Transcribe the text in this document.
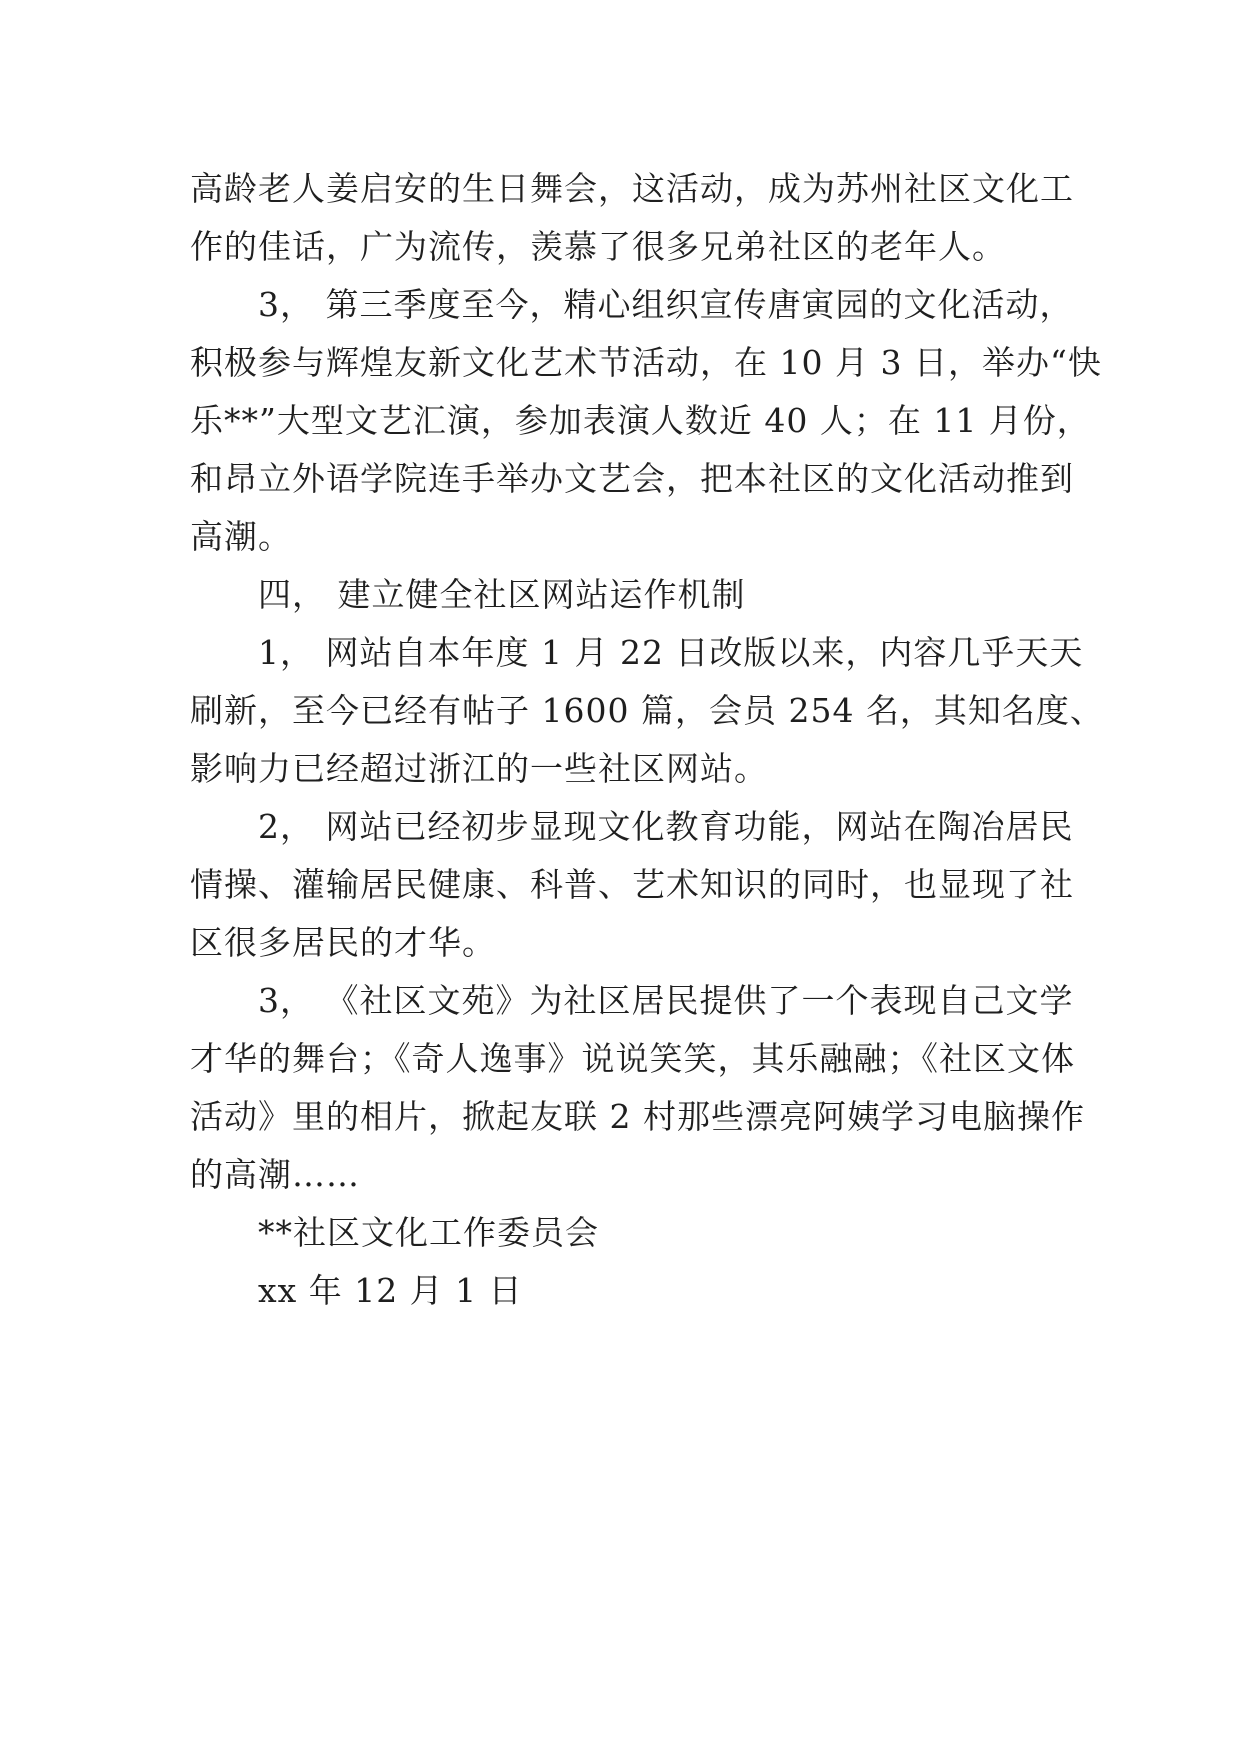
高龄老人姜启安的生日舞会，这活动，成为苏州社区文化工
作的佳话，广为流传，羡慕了很多兄弟社区的老年人。
3， 第三季度至今，精心组织宣传唐寅园的文化活动，
积极参与辉煌友新文化艺术节活动，在 10 月 3 日，举办“快
乐**”大型文艺汇演，参加表演人数近 40 人；在 11 月份，
和昂立外语学院连手举办文艺会，把本社区的文化活动推到
高潮。
四， 建立健全社区网站运作机制
1， 网站自本年度 1 月 22 日改版以来，内容几乎天天
刷新，至今已经有帖子 1600 篇，会员 254 名，其知名度、
影响力已经超过浙江的一些社区网站。
2， 网站已经初步显现文化教育功能，网站在陶冶居民
情操、灌输居民健康、科普、艺术知识的同时，也显现了社
区很多居民的才华。
3， 《社区文苑》为社区居民提供了一个表现自己文学
才华的舞台；《奇人逸事》说说笑笑，其乐融融；《社区文体
活动》里的相片，掀起友联 2 村那些漂亮阿姨学习电脑操作
的高潮……
**社区文化工作委员会
xx 年 12 月 1 日
